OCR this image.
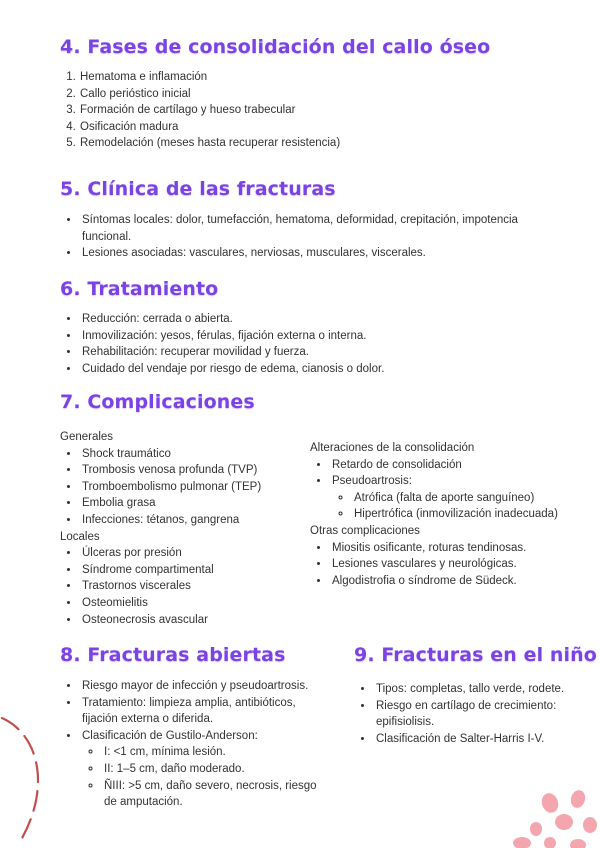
4. Fases de consolidación del callo óseo
1. Hematoma e inflamación
2. Callo perióstico inicial
3. Formación de cartílago y hueso trabecular
4. Osificación madura
5. Remodelación (meses hasta recuperar resistencia)
5. Clínica de las fracturas
• Síntomas locales: dolor, tumefacción, hematoma, deformidad, crepitación, impotencia funcional.
• Lesiones asociadas: vasculares, nerviosas, musculares, viscerales.
6. Tratamiento
• Reducción: cerrada o abierta.
• Inmovilización: yesos, férulas, fijación externa o interna.
• Rehabilitación: recuperar movilidad y fuerza.
• Cuidado del vendaje por riesgo de edema, cianosis o dolor.
7. Complicaciones
Generales
• Shock traumático
• Trombosis venosa profunda (TVP)
• Tromboembolismo pulmonar (TEP)
• Embolia grasa
• Infecciones: tétanos, gangrena
Locales
• Úlceras por presión
• Síndrome compartimental
• Trastornos viscerales
• Osteomielitis
• Osteonecrosis avascular
Alteraciones de la consolidación
• Retardo de consolidación
• Pseudoartrosis:
◦ Atrófica (falta de aporte sanguíneo)
◦ Hipertrófica (inmovilización inadecuada)
Otras complicaciones
• Miositis osificante, roturas tendinosas.
• Lesiones vasculares y neurológicas.
• Algodistrofia o síndrome de Südeck.
8. Fracturas abiertas
• Riesgo mayor de infección y pseudoartrosis.
• Tratamiento: limpieza amplia, antibióticos, fijación externa o diferida.
• Clasificación de Gustilo-Anderson:
◦ I: <1 cm, mínima lesión.
◦ II: 1–5 cm, daño moderado.
◦ ÑIII: >5 cm, daño severo, necrosis, riesgo de amputación.
9. Fracturas en el niño
• Tipos: completas, tallo verde, rodete.
• Riesgo en cartílago de crecimiento: epifisiolisis.
• Clasificación de Salter-Harris I-V.
